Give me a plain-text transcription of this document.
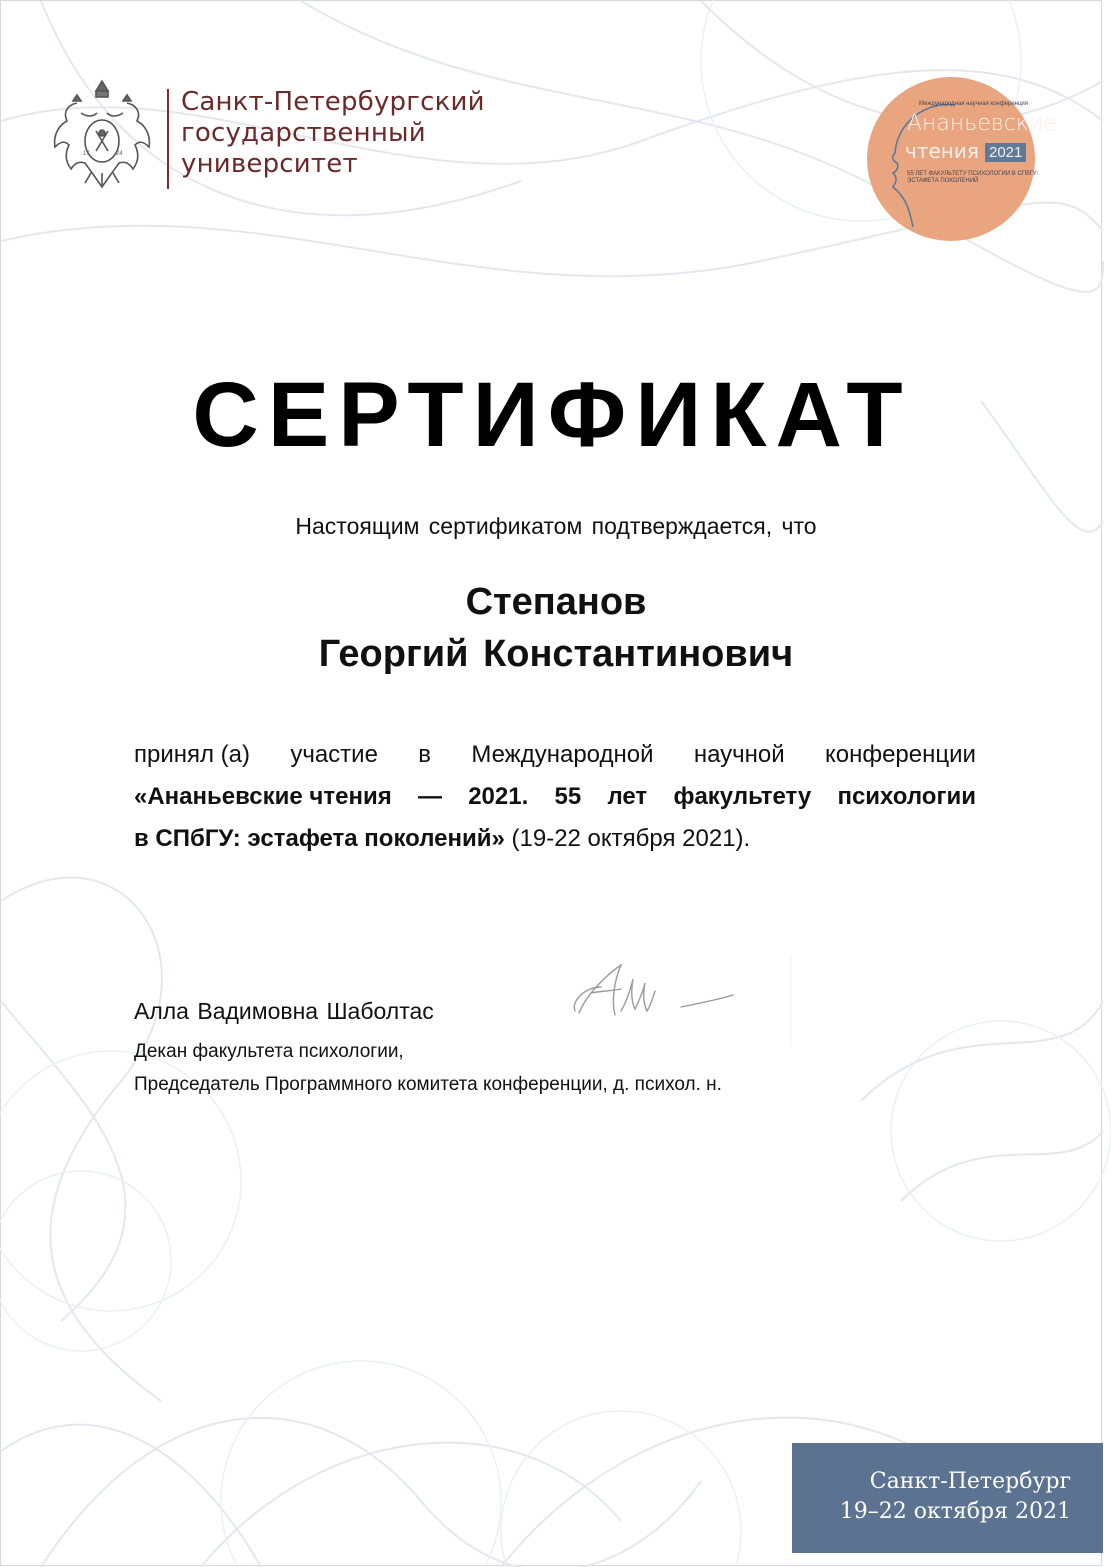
17	24
Санкт-Петербургский
государственный
университет
Международная научная конференция
Ананьевские
чтения 2021
55 ЛЕТ ФАКУЛЬТЕТУ ПСИХОЛОГИИ В СПбГУ:
ЭСТАФЕТА ПОКОЛЕНИЙ
СЕРТИФИКАТ
Настоящим сертификатом подтверждается, что
Степанов
Георгий Константинович
принял (а) участие в Международной научной конференции
«Ананьевские чтения — 2021. 55 лет факультету психологии
в СПбГУ: эстафета поколений» (19-22 октября 2021).
Алла Вадимовна Шаболтас
Декан факультета психологии,
Председатель Программного комитета конференции, д. психол. н.
Санкт-Петербург
19–22 октября 2021
